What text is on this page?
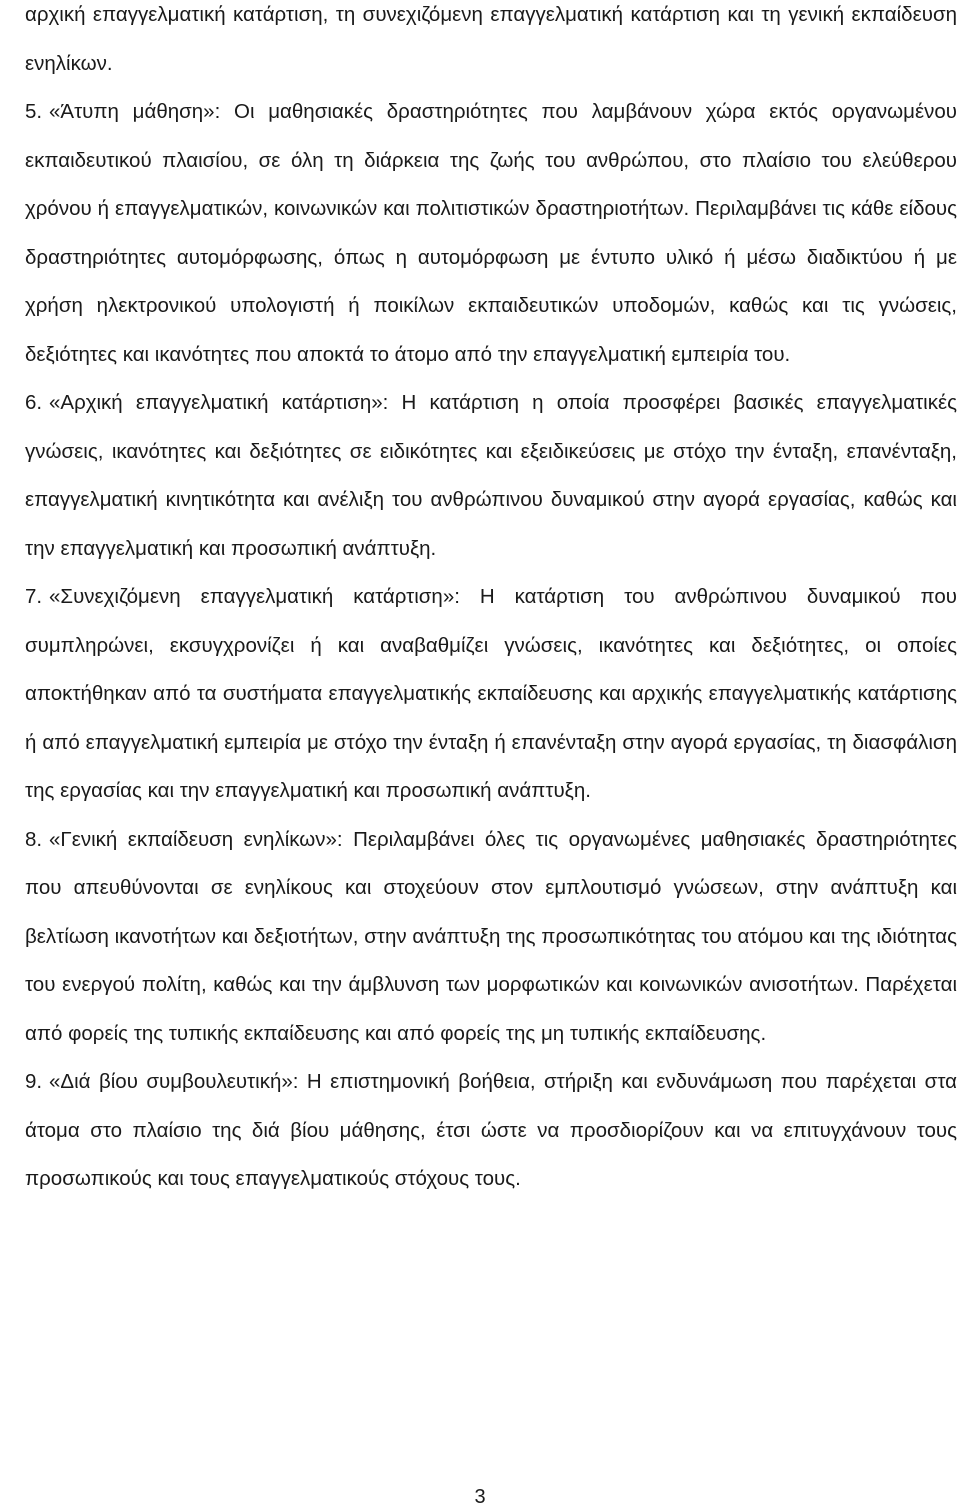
αρχική επαγγελματική κατάρτιση, τη συνεχιζόμενη επαγγελματική κατάρτιση και τη γενική εκπαίδευση ενηλίκων.

5. «Άτυπη μάθηση»: Οι μαθησιακές δραστηριότητες που λαμβάνουν χώρα εκτός οργανωμένου εκπαιδευτικού πλαισίου, σε όλη τη διάρκεια της ζωής του ανθρώπου, στο πλαίσιο του ελεύθερου χρόνου ή επαγγελματικών, κοινωνικών και πολιτιστικών δραστηριοτήτων. Περιλαμβάνει τις κάθε είδους δραστηριότητες αυτομόρφωσης, όπως η αυτομόρφωση με έντυπο υλικό ή μέσω διαδικτύου ή με χρήση ηλεκτρονικού υπολογιστή ή ποικίλων εκπαιδευτικών υποδομών, καθώς και τις γνώσεις, δεξιότητες και ικανότητες που αποκτά το άτομο από την επαγγελματική εμπειρία του.

6. «Αρχική επαγγελματική κατάρτιση»: Η κατάρτιση η οποία προσφέρει βασικές επαγγελματικές γνώσεις, ικανότητες και δεξιότητες σε ειδικότητες και εξειδικεύσεις με στόχο την ένταξη, επανένταξη, επαγγελματική κινητικότητα και ανέλιξη του ανθρώπινου δυναμικού στην αγορά εργασίας, καθώς και την επαγγελματική και προσωπική ανάπτυξη.

7. «Συνεχιζόμενη επαγγελματική κατάρτιση»: Η κατάρτιση του ανθρώπινου δυναμικού που συμπληρώνει, εκσυγχρονίζει ή και αναβαθμίζει γνώσεις, ικανότητες και δεξιότητες, οι οποίες αποκτήθηκαν από τα συστήματα επαγγελματικής εκπαίδευσης και αρχικής επαγγελματικής κατάρτισης ή από επαγγελματική εμπειρία με στόχο την ένταξη ή επανένταξη στην αγορά εργασίας, τη διασφάλιση της εργασίας και την επαγγελματική και προσωπική ανάπτυξη.

8. «Γενική εκπαίδευση ενηλίκων»: Περιλαμβάνει όλες τις οργανωμένες μαθησιακές δραστηριότητες που απευθύνονται σε ενηλίκους και στοχεύουν στον εμπλουτισμό γνώσεων, στην ανάπτυξη και βελτίωση ικανοτήτων και δεξιοτήτων, στην ανάπτυξη της προσωπικότητας του ατόμου και της ιδιότητας του ενεργού πολίτη, καθώς και την άμβλυνση των μορφωτικών και κοινωνικών ανισοτήτων. Παρέχεται από φορείς της τυπικής εκπαίδευσης και από φορείς της μη τυπικής εκπαίδευσης.

9. «Διά βίου συμβουλευτική»: Η επιστημονική βοήθεια, στήριξη και ενδυνάμωση που παρέχεται στα άτομα στο πλαίσιο της διά βίου μάθησης, έτσι ώστε να προσδιορίζουν και να επιτυγχάνουν τους προσωπικούς και τους επαγγελματικούς στόχους τους.

3
